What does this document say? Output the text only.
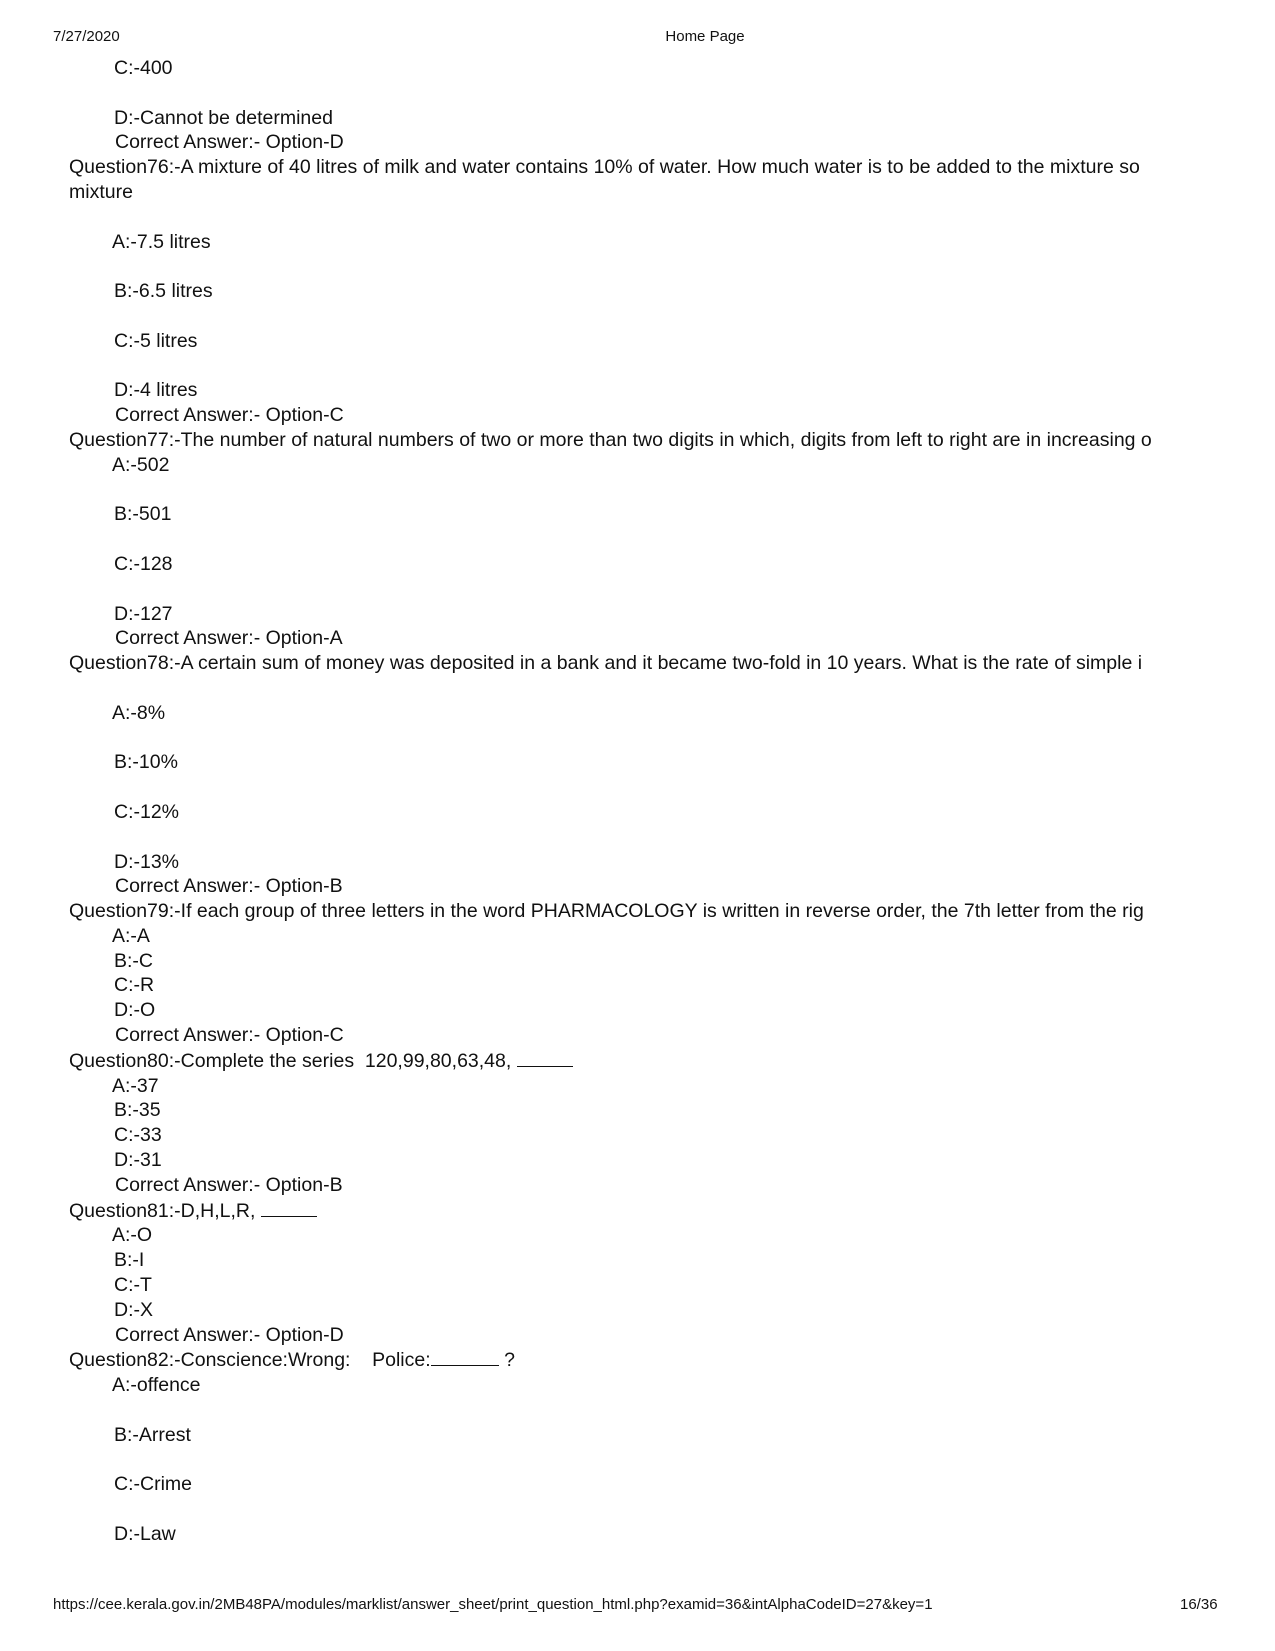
7/27/2020	Home Page
C:-400
D:-Cannot be determined
Correct Answer:- Option-D
Question76:-A mixture of 40 litres of milk and water contains 10% of water. How much water is to be added to the mixture so
mixture
A:-7.5 litres
B:-6.5 litres
C:-5 litres
D:-4 litres
Correct Answer:- Option-C
Question77:-The number of natural numbers of two or more than two digits in which, digits from left to right are in increasing o
A:-502
B:-501
C:-128
D:-127
Correct Answer:- Option-A
Question78:-A certain sum of money was deposited in a bank and it became two-fold in 10 years. What is the rate of simple i
A:-8%
B:-10%
C:-12%
D:-13%
Correct Answer:- Option-B
Question79:-If each group of three letters in the word PHARMACOLOGY is written in reverse order, the 7th letter from the rig
A:-A
B:-C
C:-R
D:-O
Correct Answer:- Option-C
Question80:-Complete the series  120,99,80,63,48,
A:-37
B:-35
C:-33
D:-31
Correct Answer:- Option-B
Question81:-D,H,L,R,
A:-O
B:-I
C:-T
D:-X
Correct Answer:- Option-D
Question82:-Conscience:Wrong:    Police:	?
A:-offence
B:-Arrest
C:-Crime
D:-Law
https://cee.kerala.gov.in/2MB48PA/modules/marklist/answer_sheet/print_question_html.php?examid=36&intAlphaCodeID=27&key=1	16/36
